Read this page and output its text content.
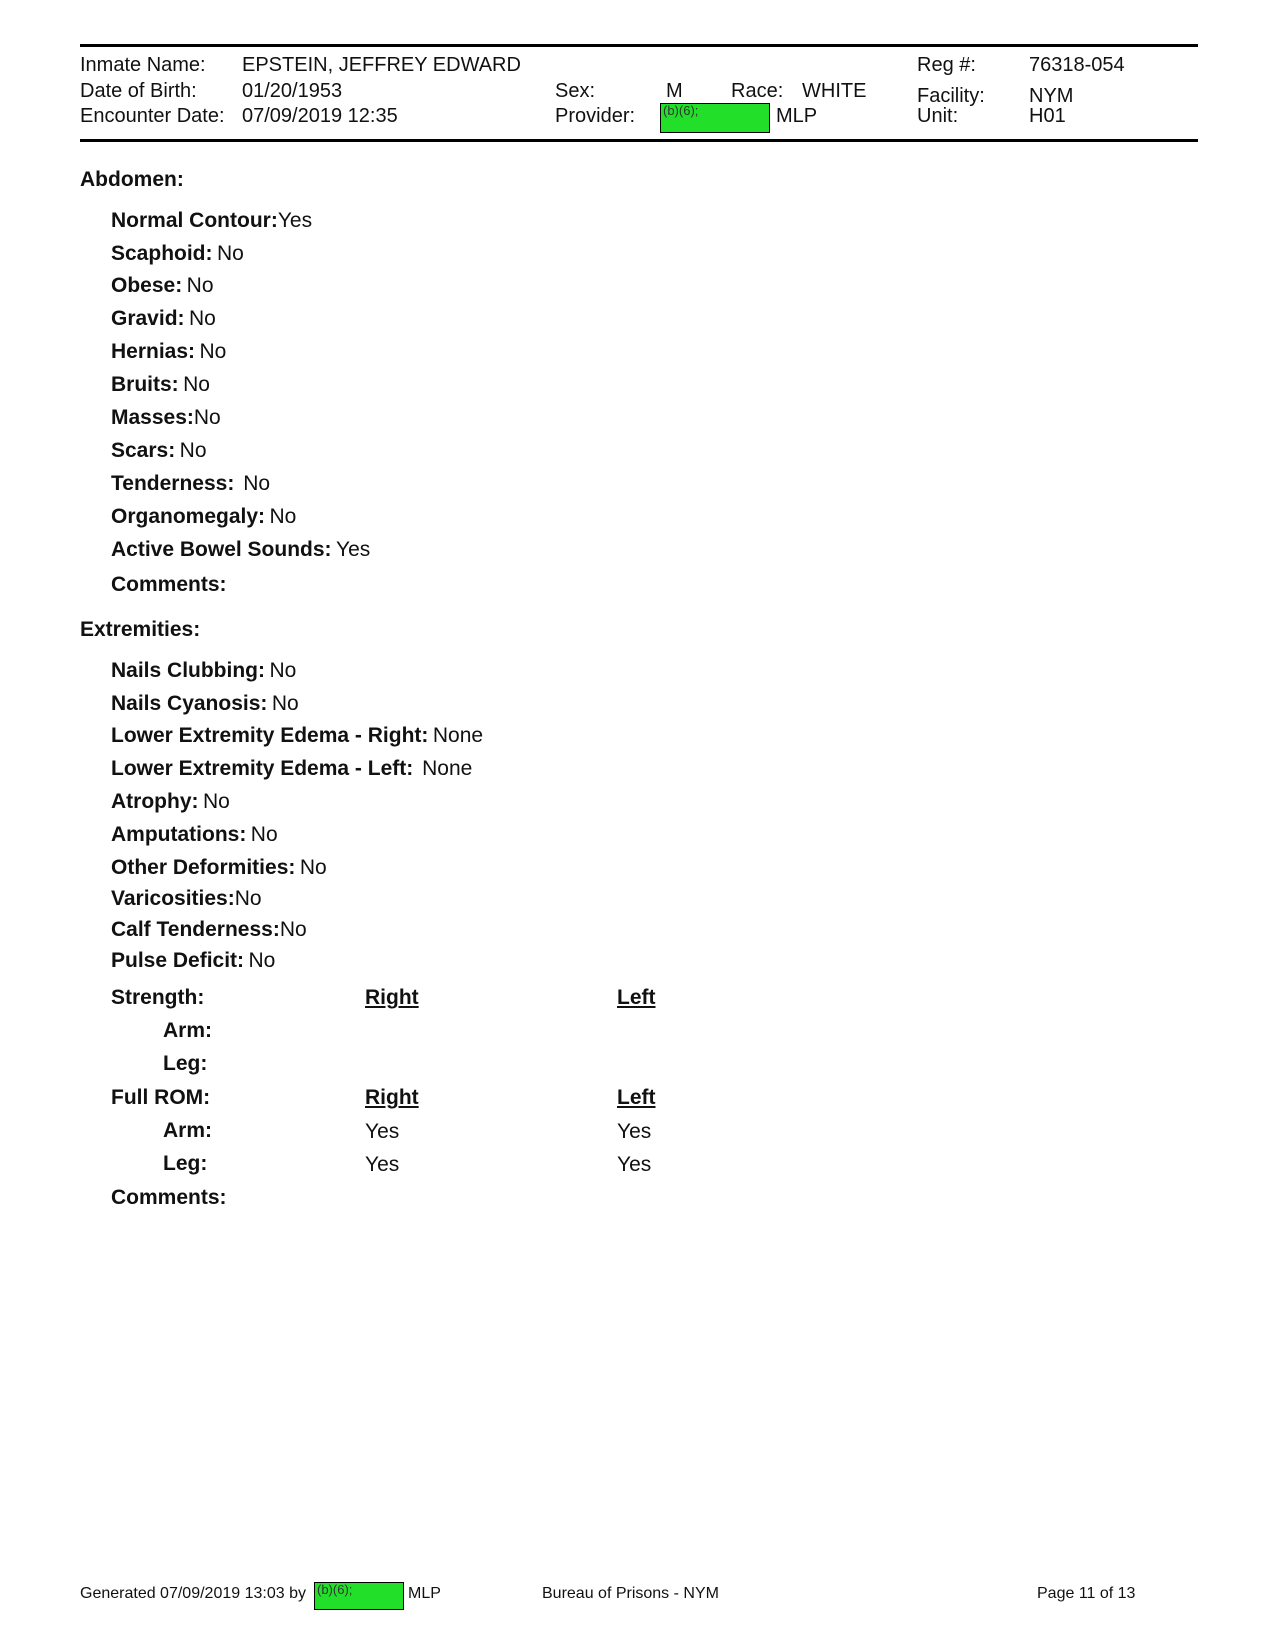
Inmate Name: EPSTEIN, JEFFREY EDWARD
Date of Birth: 01/20/1953
Encounter Date: 07/09/2019 12:35
Sex:	M Race: WHITE
Provider: (b)(6);	MLP
Reg #:	76318-054
Facility: NYM
Unit:	H01
Abdomen:
Normal Contour:Yes
Scaphoid: No
Obese: No
Gravid: No
Hernias: No
Bruits: No
Masses:No
Scars: No
Tenderness: No
Organomegaly: No
Active Bowel Sounds: Yes
Comments:
Extremities:
Nails Clubbing: No
Nails Cyanosis: No
Lower Extremity Edema - Right: None
Lower Extremity Edema - Left: None
Atrophy: No
Amputations: No
Other Deformities: No
Varicosities:No
Calf Tenderness:No
Pulse Deficit: No
Strength:	Right	Left
Arm:
Leg:
Full ROM:	Right	Left
Arm:	Yes	Yes
Leg:	Yes	Yes
Comments:
Generated 07/09/2019 13:03 by (b)(6);	MLP	Bureau of Prisons - NYM	Page 11 of 13
